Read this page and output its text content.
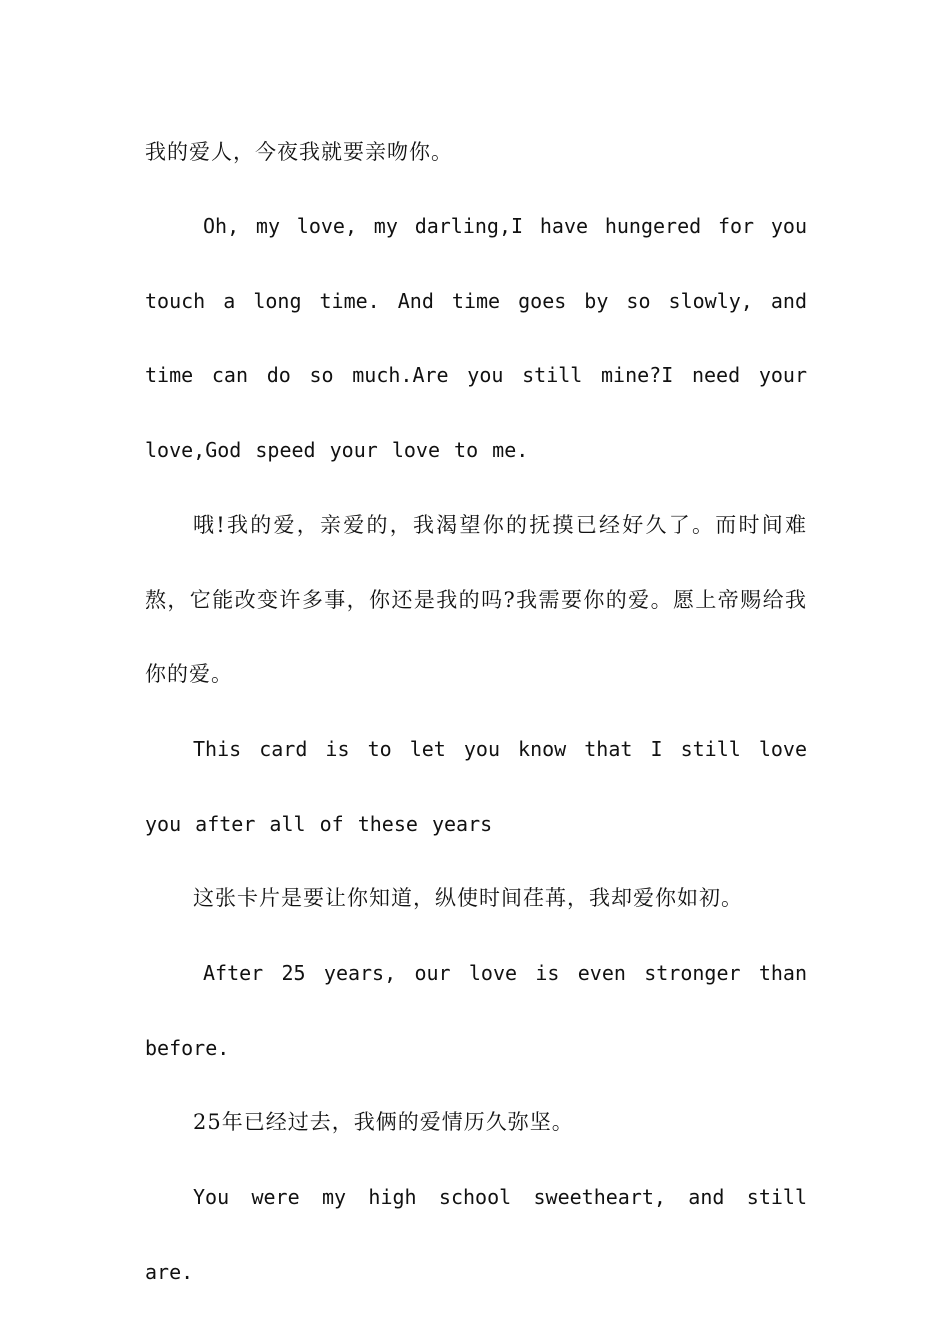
我的爱人，今夜我就要亲吻你。

Oh, my love, my darling,I have hungered for you touch a long time. And time goes by so slowly, and time can do so much.Are you still mine?I need your love,God speed your love to me.

哦!我的爱，亲爱的，我渴望你的抚摸已经好久了。而时间难熬，它能改变许多事，你还是我的吗?我需要你的爱。愿上帝赐给我你的爱。

This card is to let you know that I still love you after all of these years

这张卡片是要让你知道，纵使时间荏苒，我却爱你如初。

After 25 years, our love is even stronger than before.

25年已经过去，我俩的爱情历久弥坚。

You were my high school sweetheart, and still are.
